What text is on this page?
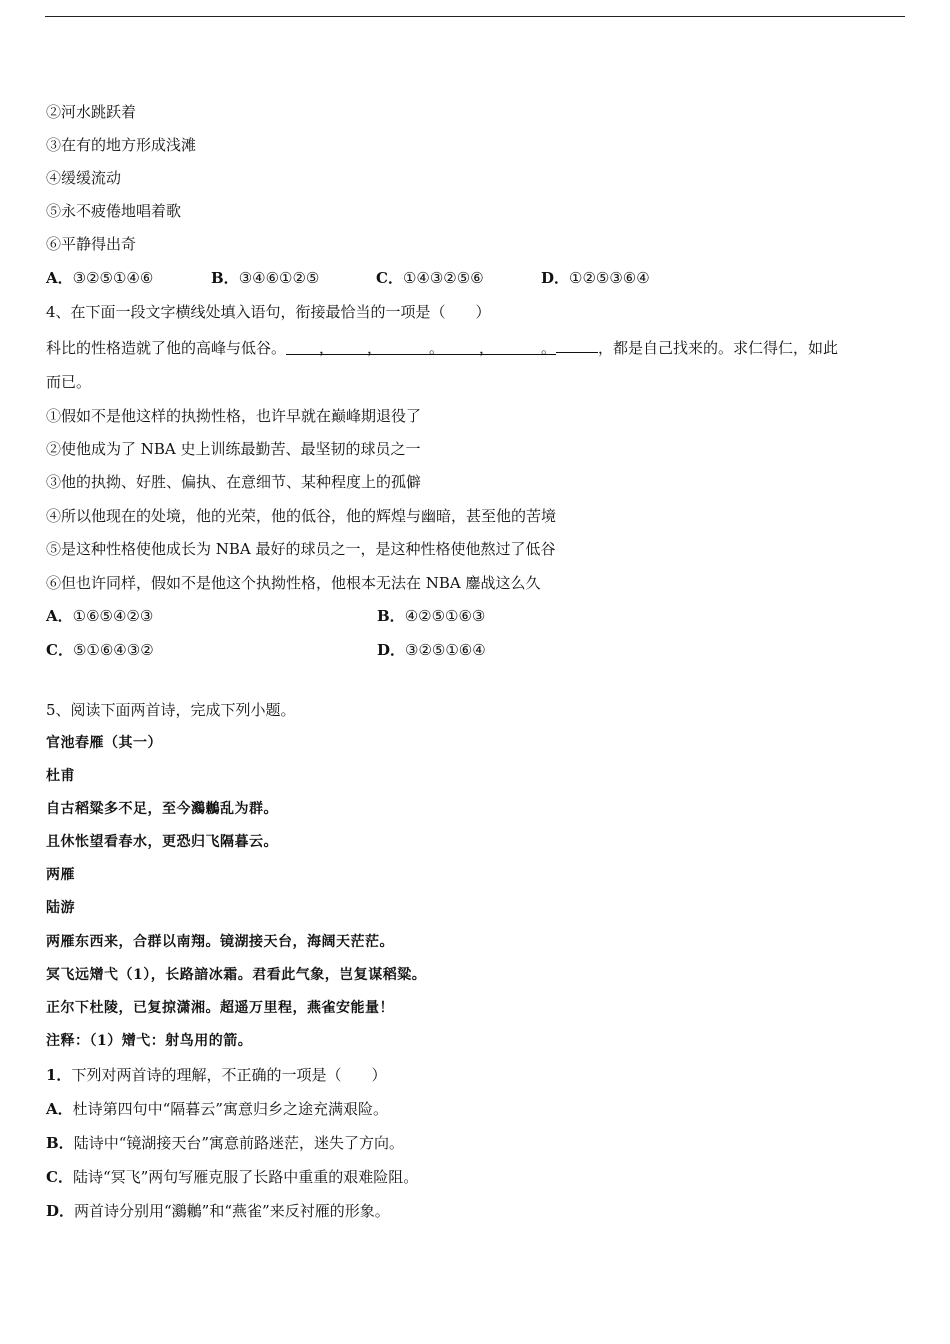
②河水跳跃着
③在有的地方形成浅滩
④缓缓流动
⑤永不疲倦地唱着歌
⑥平静得出奇
A．③②⑤①④⑥	B．③④⑥①②⑤	C．①④③②⑤⑥	D．①②⑤③⑥④
4、在下面一段文字横线处填入语句，衔接最恰当的一项是（　　）
科比的性格造就了他的高峰与低谷。 ， ，	。 ，	。	，都是自己找来的。求仁得仁，如此
而已。
①假如不是他这样的执拗性格，也许早就在巅峰期退役了
②使他成为了 NBA 史上训练最勤苦、最坚韧的球员之一
③他的执拗、好胜、偏执、在意细节、某种程度上的孤僻
④所以他现在的处境，他的光荣，他的低谷，他的辉煌与幽暗，甚至他的苦境
⑤是这种性格使他成长为 NBA 最好的球员之一，是这种性格使他熬过了低谷
⑥但也许同样，假如不是他这个执拗性格，他根本无法在 NBA 鏖战这么久
A．①⑥⑤④②③	B．④②⑤①⑥③
C．⑤①⑥④③②	D．③②⑤①⑥④
5、阅读下面两首诗，完成下列小题。
官池春雁（其一）
杜甫
自古稻粱多不足，至今鸂鶒乱为群。
且休怅望看春水，更恐归飞隔暮云。
两雁
陆游
两雁东西来，合群以南翔。镜湖接天台，海阔天茫茫。
冥飞远矰弋（1），长路諳冰霜。君看此气象，岂复谋稻粱。
正尔下杜陵，已复掠潇湘。超遥万里程，燕雀安能量！
注释：（1）矰弋：射鸟用的箭。
1．下列对两首诗的理解，不正确的一项是（　　）
A．杜诗第四句中“隔暮云”寓意归乡之途充满艰险。
B．陆诗中“镜湖接天台”寓意前路迷茫，迷失了方向。
C．陆诗“冥飞”两句写雁克服了长路中重重的艰难险阻。
D．两首诗分别用“鸂鶒”和“燕雀”来反衬雁的形象。
